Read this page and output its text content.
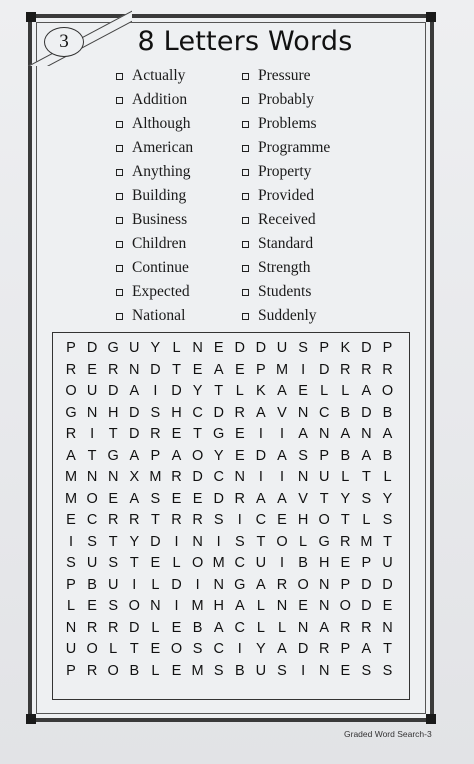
3	8 Letters Words
Actually
Addition
Although
American
Anything
Building
Business
Children
Continue
Expected
National
Pressure
Probably
Problems
Programme
Property
Provided
Received
Standard
Strength
Students
Suddenly
P D G U Y L N E D D U S P K D P
R E R N D T E A E P M I D R R R
O U D A I D Y T L K A E L L A O
G N H D S H C D R A V N C B D B
R I	T D R E T G E I	I A N A N A
A T G A P A O Y E D A S P B A B
M N N X M R D C N I	I N U L T L
M O E A S E E D R A A V T Y S Y
E C R R T R R S I C E H O T L S
I S T Y D I N I S T O L G R M T
S U S T E L O M C U I B H E P U
P B U I	L D I N G A R O N P D D
L E S O N I M H A L N E N O D E
N R R D L E B A C L L N A R R N
U O L T E O S C I Y A D R P A T
P R O B L E M S B U S I N E S S
Graded Word Search-3
